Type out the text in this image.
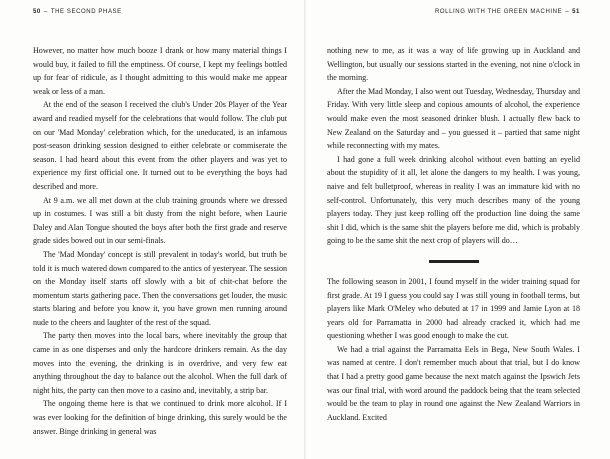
50 – THE SECOND PHASE

However, no matter how much booze I drank or how many material things I would buy, it failed to fill the emptiness. Of course, I kept my feelings bottled up for fear of ridicule, as I thought admitting to this would make me appear weak or less of a man.

At the end of the season I received the club's Under 20s Player of the Year award and readied myself for the celebrations that would follow. The club put on our 'Mad Monday' celebration which, for the uneducated, is an infamous post-season drinking session designed to either celebrate or commiserate the season. I had heard about this event from the other players and was yet to experience my first official one. It turned out to be everything the boys had described and more.

At 9 a.m. we all met down at the club training grounds where we dressed up in costumes. I was still a bit dusty from the night before, when Laurie Daley and Alan Tongue shouted the boys after both the first grade and reserve grade sides bowed out in our semi-finals.

The 'Mad Monday' concept is still prevalent in today's world, but truth be told it is much watered down compared to the antics of yesteryear. The session on the Monday itself starts off slowly with a bit of chit-chat before the momentum starts gathering pace. Then the conversations get louder, the music starts blaring and before you know it, you have grown men running around nude to the cheers and laughter of the rest of the squad.

The party then moves into the local bars, where inevitably the group that came in as one disperses and only the hardcore drinkers remain. As the day moves into the evening, the drinking is in overdrive, and very few eat anything throughout the day to balance out the alcohol. When the full dark of night hits, the party can then move to a casino and, inevitably, a strip bar.

The ongoing theme here is that we continued to drink more alcohol. If I was ever looking for the definition of binge drinking, this surely would be the answer. Binge drinking in general was

ROLLING WITH THE GREEN MACHINE – 51

nothing new to me, as it was a way of life growing up in Auckland and Wellington, but usually our sessions started in the evening, not nine o'clock in the morning.

After the Mad Monday, I also went out Tuesday, Wednesday, Thursday and Friday. With very little sleep and copious amounts of alcohol, the experience would make even the most seasoned drinker blush. I actually flew back to New Zealand on the Saturday and – you guessed it – partied that same night while reconnecting with my mates.

I had gone a full week drinking alcohol without even batting an eyelid about the stupidity of it all, let alone the dangers to my health. I was young, naive and felt bulletproof, whereas in reality I was an immature kid with no self-control. Unfortunately, this very much describes many of the young players today. They just keep rolling off the production line doing the same shit I did, which is the same shit the players before me did, which is probably going to be the same shit the next crop of players will do…

The following season in 2001, I found myself in the wider training squad for first grade. At 19 I guess you could say I was still young in football terms, but players like Mark O'Meley who debuted at 17 in 1999 and Jamie Lyon at 18 years old for Parramatta in 2000 had already cracked it, which had me questioning whether I was good enough to make the cut.

We had a trial against the Parramatta Eels in Bega, New South Wales. I was named at centre. I don't remember much about that trial, but I do know that I had a pretty good game because the next match against the Ipswich Jets was our final trial, with word around the paddock being that the team selected would be the team to play in round one against the New Zealand Warriors in Auckland. Excited
